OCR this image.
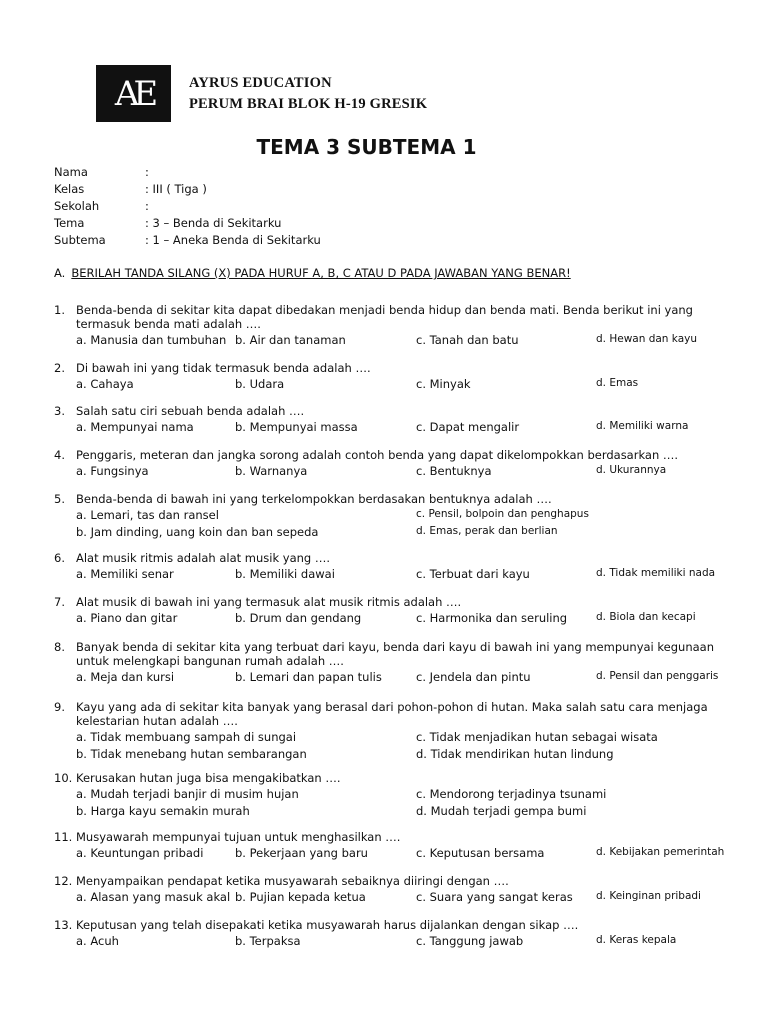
AE	AYRUS EDUCATION
PERUM BRAI BLOK H-19 GRESIK
TEMA 3 SUBTEMA 1
Nama	:
Kelas	: III ( Tiga )
Sekolah	:
Tema	: 3 – Benda di Sekitarku
Subtema	: 1 – Aneka Benda di Sekitarku
A. BERILAH TANDA SILANG (X) PADA HURUF A, B, C ATAU D PADA JAWABAN YANG BENAR!
1. Benda-benda di sekitar kita dapat dibedakan menjadi benda hidup dan benda mati. Benda berikut ini yang
termasuk benda mati adalah ….
a. Manusia dan tumbuhan b. Air dan tanaman	c. Tanah dan batu	d. Hewan dan kayu
2. Di bawah ini yang tidak termasuk benda adalah ….
a. Cahaya	b. Udara	c. Minyak	d. Emas
3. Salah satu ciri sebuah benda adalah ….
a. Mempunyai nama	b. Mempunyai massa	c. Dapat mengalir	d. Memiliki warna
4. Penggaris, meteran dan jangka sorong adalah contoh benda yang dapat dikelompokkan berdasarkan ….
a. Fungsinya	b. Warnanya	c. Bentuknya	d. Ukurannya
5. Benda-benda di bawah ini yang terkelompokkan berdasakan bentuknya adalah ….
a. Lemari, tas dan ransel	c. Pensil, bolpoin dan penghapus
b. Jam dinding, uang koin dan ban sepeda	d. Emas, perak dan berlian
6. Alat musik ritmis adalah alat musik yang ….
a. Memiliki senar	b. Memiliki dawai	c. Terbuat dari kayu	d. Tidak memiliki nada
7. Alat musik di bawah ini yang termasuk alat musik ritmis adalah ….
a. Piano dan gitar	b. Drum dan gendang	c. Harmonika dan seruling	d. Biola dan kecapi
8. Banyak benda di sekitar kita yang terbuat dari kayu, benda dari kayu di bawah ini yang mempunyai kegunaan
untuk melengkapi bangunan rumah adalah ….
a. Meja dan kursi	b. Lemari dan papan tulis	c. Jendela dan pintu	d. Pensil dan penggaris
9. Kayu yang ada di sekitar kita banyak yang berasal dari pohon-pohon di hutan. Maka salah satu cara menjaga
kelestarian hutan adalah ….
a. Tidak membuang sampah di sungai	c. Tidak menjadikan hutan sebagai wisata
b. Tidak menebang hutan sembarangan	d. Tidak mendirikan hutan lindung
10. Kerusakan hutan juga bisa mengakibatkan ….
a. Mudah terjadi banjir di musim hujan	c. Mendorong terjadinya tsunami
b. Harga kayu semakin murah	d. Mudah terjadi gempa bumi
11. Musyawarah mempunyai tujuan untuk menghasilkan ….
a. Keuntungan pribadi	b. Pekerjaan yang baru	c. Keputusan bersama	d. Kebijakan pemerintah
12. Menyampaikan pendapat ketika musyawarah sebaiknya diiringi dengan ….
a. Alasan yang masuk akal b. Pujian kepada ketua	c. Suara yang sangat keras d. Keinginan pribadi
13. Keputusan yang telah disepakati ketika musyawarah harus dijalankan dengan sikap ….
a. Acuh	b. Terpaksa	c. Tanggung jawab	d. Keras kepala
